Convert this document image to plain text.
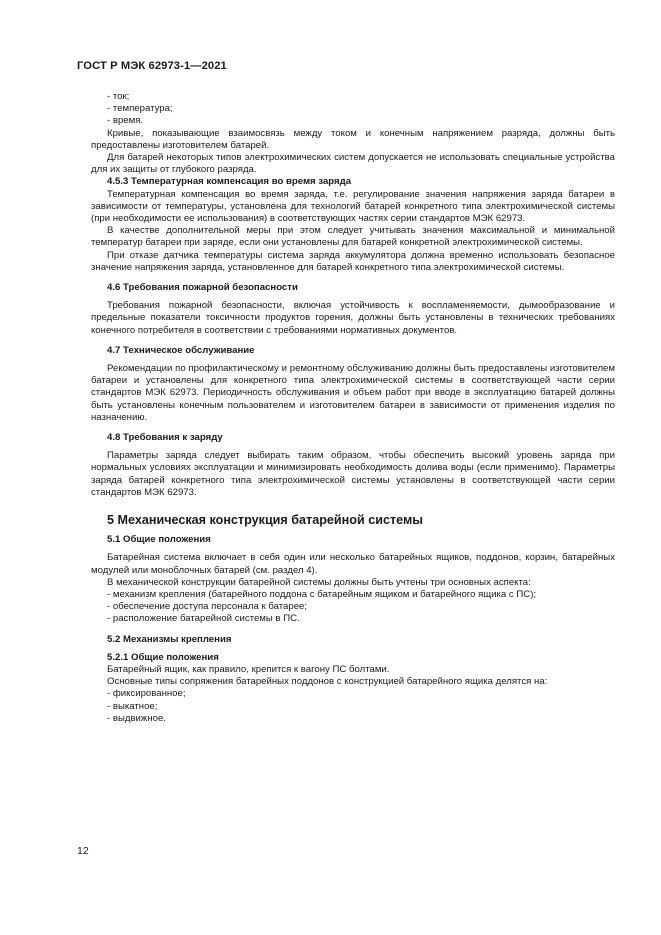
ГОСТ Р МЭК 62973-1—2021

- ток;

- температура;

- время.

Кривые, показывающие взаимосвязь между током и конечным напряжением разряда, должны быть предоставлены изготовителем батарей.

Для батарей некоторых типов электрохимических систем допускается не использовать специальные устройства для их защиты от глубокого разряда.

4.5.3 Температурная компенсация во время заряда

Температурная компенсация во время заряда, т.е. регулирование значения напряжения заряда батареи в зависимости от температуры, установлена для технологий батарей конкретного типа электрохимической системы (при необходимости ее использования) в соответствующих частях серии стандартов МЭК 62973.

В качестве дополнительной меры при этом следует учитывать значения максимальной и минимальной температур батареи при заряде, если они установлены для батарей конкретной электрохимической системы.

При отказе датчика температуры система заряда аккумулятора должна временно использовать безопасное значение напряжения заряда, установленное для батарей конкретного типа электрохимической системы.

4.6 Требования пожарной безопасности

Требования пожарной безопасности, включая устойчивость к воспламеняемости, дымообразование и предельные показатели токсичности продуктов горения, должны быть установлены в технических требованиях конечного потребителя в соответствии с требованиями нормативных документов.

4.7 Техническое обслуживание

Рекомендации по профилактическому и ремонтному обслуживанию должны быть предоставлены изготовителем батареи и установлены для конкретного типа электрохимической системы в соответствующей части серии стандартов МЭК 62973. Периодичность обслуживания и объем работ при вводе в эксплуатацию батарей должны быть установлены конечным пользователем и изготовителем батареи в зависимости от применения изделия по назначению.

4.8 Требования к заряду

Параметры заряда следует выбирать таким образом, чтобы обеспечить высокий уровень заряда при нормальных условиях эксплуатации и минимизировать необходимость долива воды (если применимо). Параметры заряда батарей конкретного типа электрохимической системы установлены в соответствующей части серии стандартов МЭК 62973.

5 Механическая конструкция батарейной системы

5.1 Общие положения

Батарейная система включает в себя один или несколько батарейных ящиков, поддонов, корзин, батарейных модулей или моноблочных батарей (см. раздел 4).

В механической конструкции батарейной системы должны быть учтены три основных аспекта:

- механизм крепления (батарейного поддона с батарейным ящиком и батарейного ящика с ПС);

- обеспечение доступа персонала к батарее;

- расположение батарейной системы в ПС.

5.2 Механизмы крепления

5.2.1 Общие положения

Батарейный ящик, как правило, крепится к вагону ПС болтами.

Основные типы сопряжения батарейных поддонов с конструкцией батарейного ящика делятся на:

- фиксированное;

- выкатное;

- выдвижное.

12
